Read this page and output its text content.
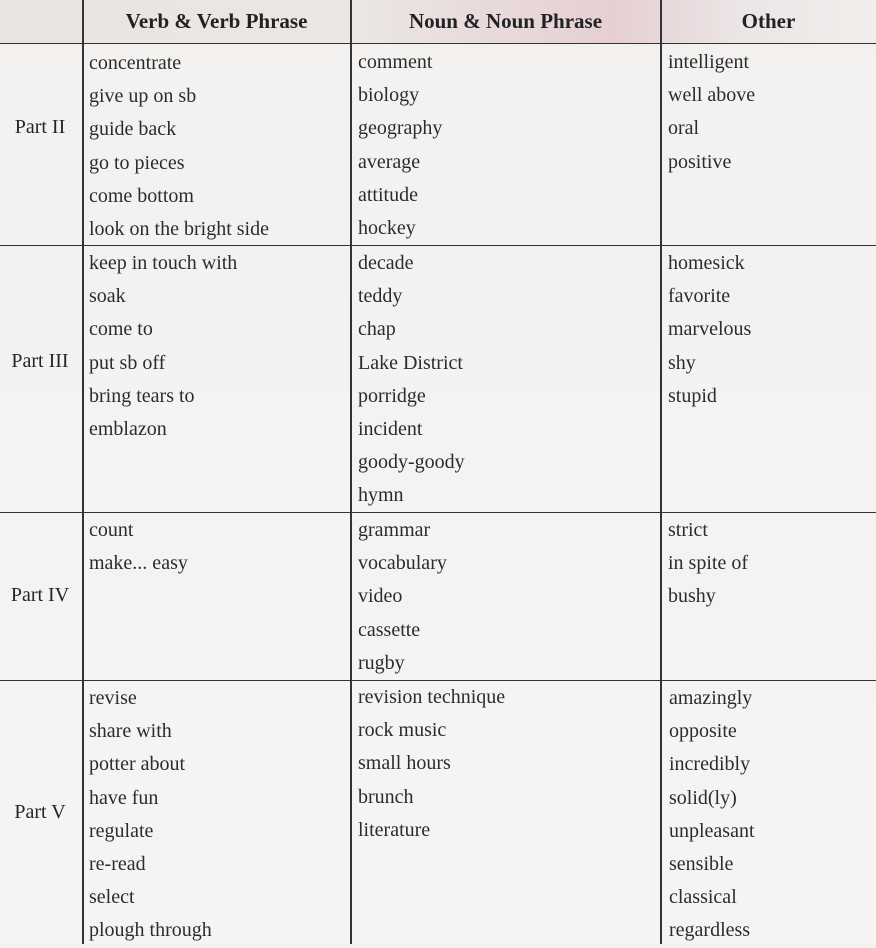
Verb & Verb Phrase	Noun & Noun Phrase	Other
Part II
concentrate
give up on sb
guide back
go to pieces
come bottom
look on the bright side
comment
biology
geography
average
attitude
hockey
intelligent
well above
oral
positive
Part III
keep in touch with
soak
come to
put sb off
bring tears to
emblazon
decade
teddy
chap
Lake District
porridge
incident
goody-goody
hymn
homesick
favorite
marvelous
shy
stupid
Part IV
count
make... easy
grammar
vocabulary
video
cassette
rugby
strict
in spite of
bushy
Part V
revise
share with
potter about
have fun
regulate
re-read
select
plough through
revision technique
rock music
small hours
brunch
literature
amazingly
opposite
incredibly
solid(ly)
unpleasant
sensible
classical
regardless
